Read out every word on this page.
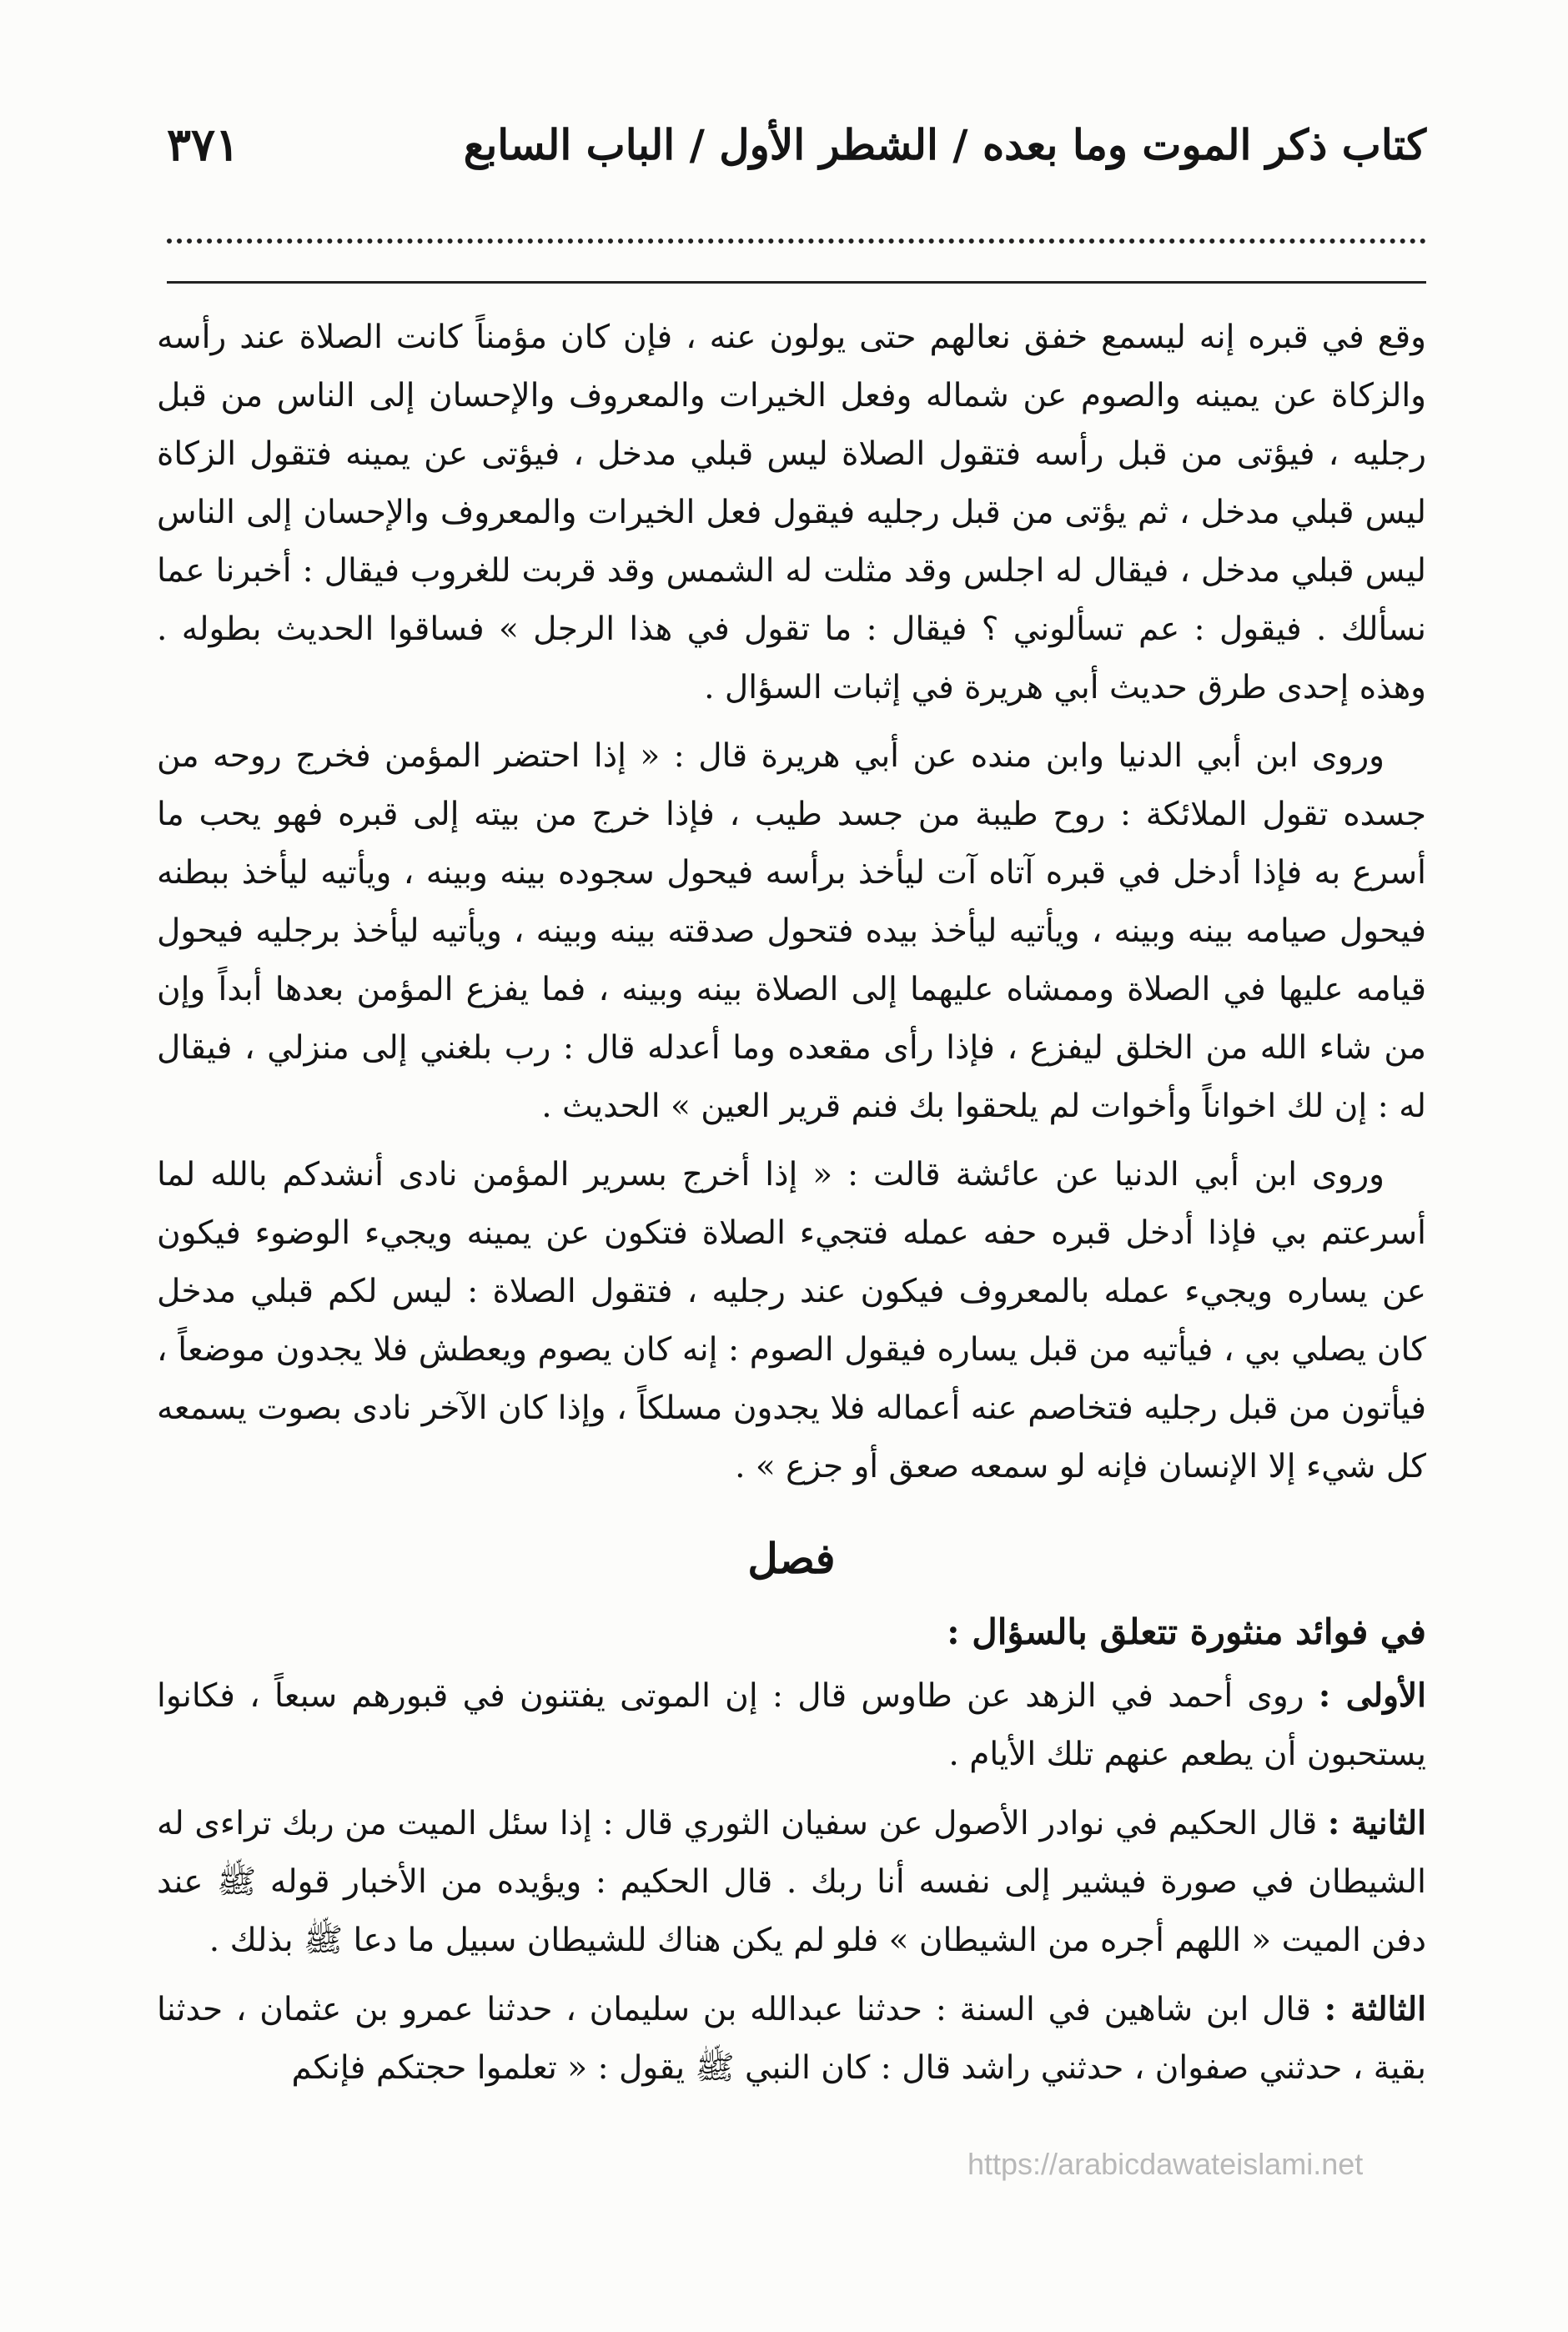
كتاب ذكر الموت وما بعده / الشطر الأول / الباب السابع
٣٧١

وقع في قبره إنه ليسمع خفق نعالهم حتى يولون عنه ، فإن كان مؤمناً كانت الصلاة عند رأسه والزكاة عن يمينه والصوم عن شماله وفعل الخيرات والمعروف والإحسان إلى الناس من قبل رجليه ، فيؤتى من قبل رأسه فتقول الصلاة ليس قبلي مدخل ، فيؤتى عن يمينه فتقول الزكاة ليس قبلي مدخل ، ثم يؤتى من قبل رجليه فيقول فعل الخيرات والمعروف والإحسان إلى الناس ليس قبلي مدخل ، فيقال له اجلس وقد مثلت له الشمس وقد قربت للغروب فيقال : أخبرنا عما نسألك . فيقول : عم تسألوني ؟ فيقال : ما تقول في هذا الرجل » فساقوا الحديث بطوله . وهذه إحدى طرق حديث أبي هريرة في إثبات السؤال .

وروى ابن أبي الدنيا وابن منده عن أبي هريرة قال : « إذا احتضر المؤمن فخرج روحه من جسده تقول الملائكة : روح طيبة من جسد طيب ، فإذا خرج من بيته إلى قبره فهو يحب ما أسرع به فإذا أدخل في قبره آتاه آت ليأخذ برأسه فيحول سجوده بينه وبينه ، ويأتيه ليأخذ ببطنه فيحول صيامه بينه وبينه ، ويأتيه ليأخذ بيده فتحول صدقته بينه وبينه ، ويأتيه ليأخذ برجليه فيحول قيامه عليها في الصلاة وممشاه عليهما إلى الصلاة بينه وبينه ، فما يفزع المؤمن بعدها أبداً وإن من شاء الله من الخلق ليفزع ، فإذا رأى مقعده وما أعدله قال : رب بلغني إلى منزلي ، فيقال له : إن لك اخواناً وأخوات لم يلحقوا بك فنم قرير العين » الحديث .

وروى ابن أبي الدنيا عن عائشة قالت : « إذا أخرج بسرير المؤمن نادى أنشدكم بالله لما أسرعتم بي فإذا أدخل قبره حفه عمله فتجيء الصلاة فتكون عن يمينه ويجيء الوضوء فيكون عن يساره ويجيء عمله بالمعروف فيكون عند رجليه ، فتقول الصلاة : ليس لكم قبلي مدخل كان يصلي بي ، فيأتيه من قبل يساره فيقول الصوم : إنه كان يصوم ويعطش فلا يجدون موضعاً ، فيأتون من قبل رجليه فتخاصم عنه أعماله فلا يجدون مسلكاً ، وإذا كان الآخر نادى بصوت يسمعه كل شيء إلا الإنسان فإنه لو سمعه صعق أو جزع » .

فصل
في فوائد منثورة تتعلق بالسؤال :

الأولى : روى أحمد في الزهد عن طاوس قال : إن الموتى يفتنون في قبورهم سبعاً ، فكانوا يستحبون أن يطعم عنهم تلك الأيام .

الثانية : قال الحكيم في نوادر الأصول عن سفيان الثوري قال : إذا سئل الميت من ربك تراءى له الشيطان في صورة فيشير إلى نفسه أنا ربك . قال الحكيم : ويؤيده من الأخبار قوله ﷺ عند دفن الميت « اللهم أجره من الشيطان » فلو لم يكن هناك للشيطان سبيل ما دعا ﷺ بذلك .

الثالثة : قال ابن شاهين في السنة : حدثنا عبدالله بن سليمان ، حدثنا عمرو بن عثمان ، حدثنا بقية ، حدثني صفوان ، حدثني راشد قال : كان النبي ﷺ يقول : « تعلموا حجتكم فإنكم

https://arabicdawateislami.net
